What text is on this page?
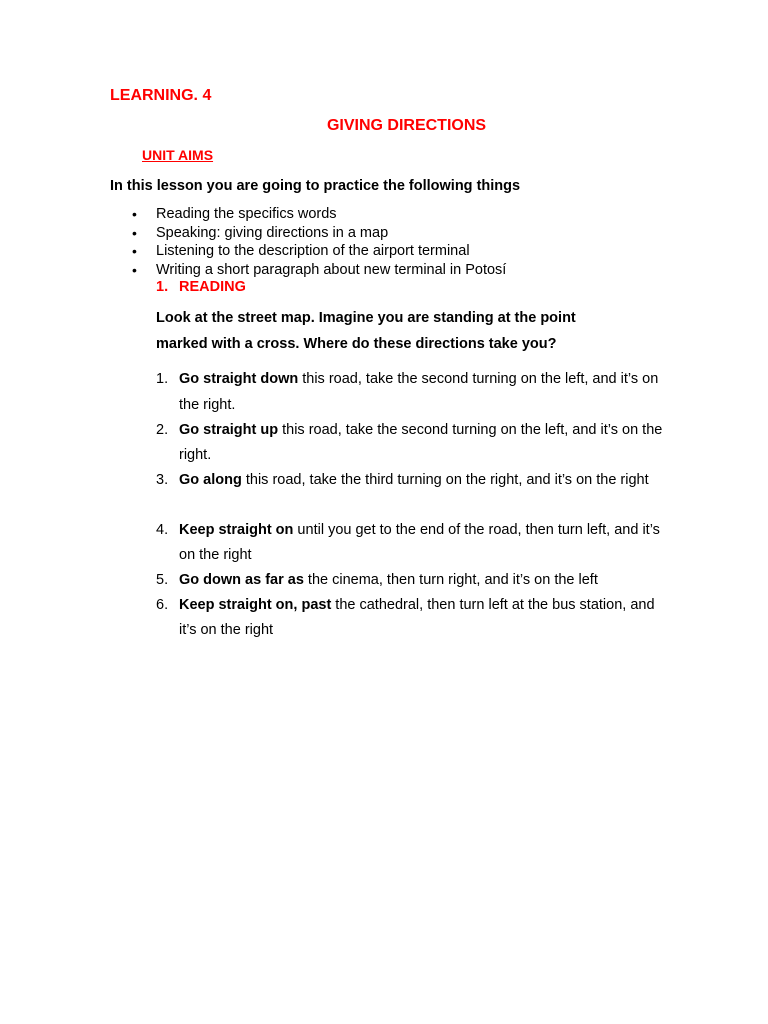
LEARNING. 4
GIVING DIRECTIONS
UNIT AIMS
In this lesson you are going to practice the following things
• Reading the specifics words
• Speaking: giving directions in a map
• Listening to the description of the airport terminal
• Writing a short paragraph about new terminal in Potosí
1. READING
Look at the street map. Imagine you are standing at the point marked with a cross. Where do these directions take you?
1. Go straight down this road, take the second turning on the left, and it’s on the right.
2. Go straight up this road, take the second turning on the left, and it’s on the right.
3. Go along this road, take the third turning on the right, and it’s on the right
4. Keep straight on until you get to the end of the road, then turn left, and it’s on the right
5. Go down as far as the cinema, then turn right, and it’s on the left
6. Keep straight on, past the cathedral, then turn left at the bus station, and it’s on the right
